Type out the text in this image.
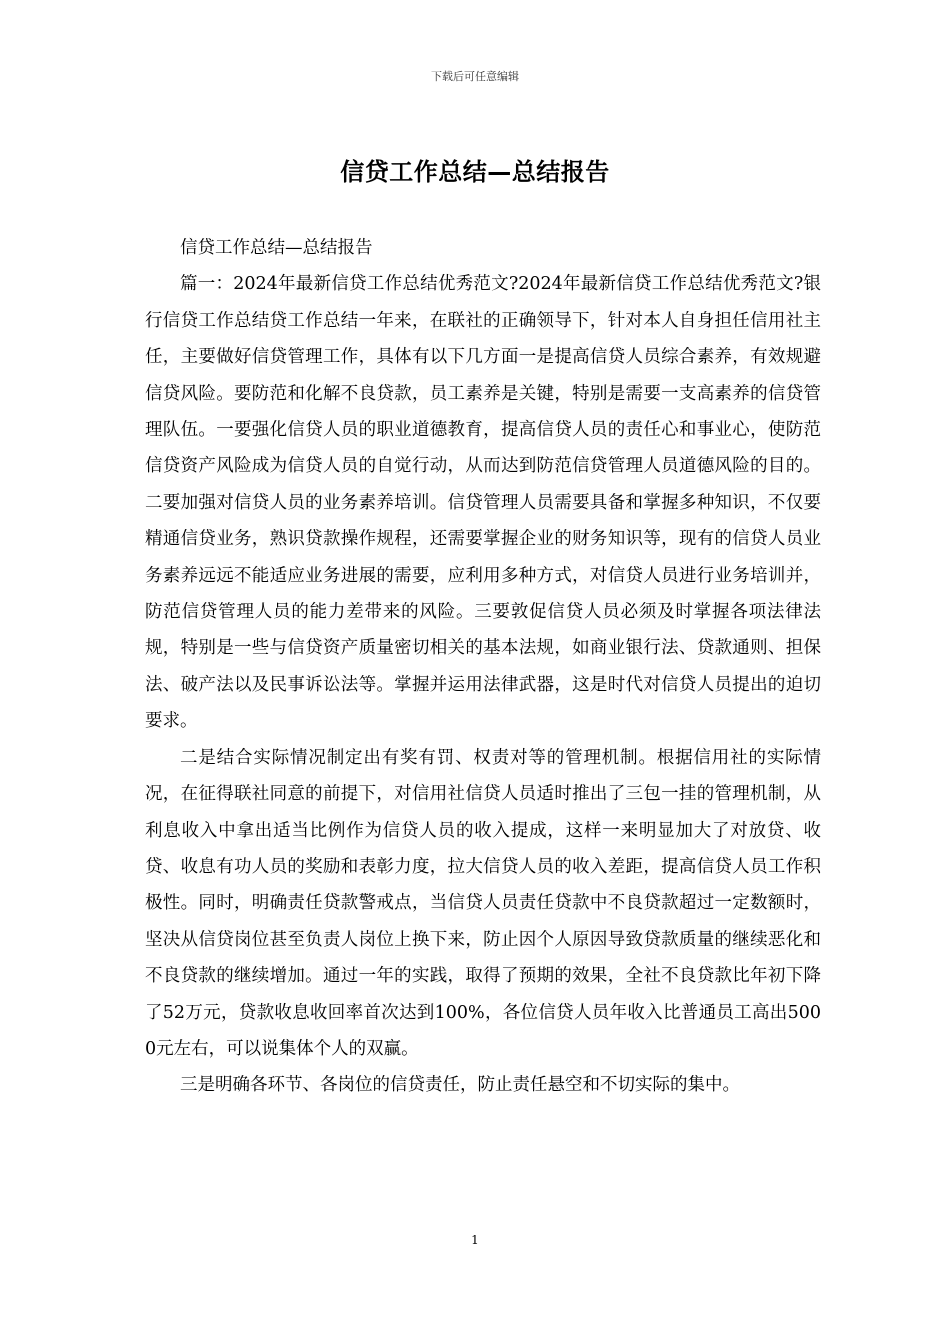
下载后可任意编辑
信贷工作总结—总结报告

信贷工作总结—总结报告

篇一：2024年最新信贷工作总结优秀范文?2024年最新信贷工作总结优秀范文?银行信贷工作总结贷工作总结一年来，在联社的正确领导下，针对本人自身担任信用社主任，主要做好信贷管理工作，具体有以下几方面一是提高信贷人员综合素养，有效规避信贷风险。要防范和化解不良贷款，员工素养是关键，特别是需要一支高素养的信贷管理队伍。一要强化信贷人员的职业道德教育，提高信贷人员的责任心和事业心，使防范信贷资产风险成为信贷人员的自觉行动，从而达到防范信贷管理人员道德风险的目的。二要加强对信贷人员的业务素养培训。信贷管理人员需要具备和掌握多种知识，不仅要精通信贷业务，熟识贷款操作规程，还需要掌握企业的财务知识等，现有的信贷人员业务素养远远不能适应业务进展的需要，应利用多种方式，对信贷人员进行业务培训并，防范信贷管理人员的能力差带来的风险。三要敦促信贷人员必须及时掌握各项法律法规，特别是一些与信贷资产质量密切相关的基本法规，如商业银行法、贷款通则、担保法、破产法以及民事诉讼法等。掌握并运用法律武器，这是时代对信贷人员提出的迫切要求。

二是结合实际情况制定出有奖有罚、权责对等的管理机制。根据信用社的实际情况，在征得联社同意的前提下，对信用社信贷人员适时推出了三包一挂的管理机制，从利息收入中拿出适当比例作为信贷人员的收入提成，这样一来明显加大了对放贷、收贷、收息有功人员的奖励和表彰力度，拉大信贷人员的收入差距，提高信贷人员工作积极性。同时，明确责任贷款警戒点，当信贷人员责任贷款中不良贷款超过一定数额时，坚决从信贷岗位甚至负责人岗位上换下来，防止因个人原因导致贷款质量的继续恶化和不良贷款的继续增加。通过一年的实践，取得了预期的效果，全社不良贷款比年初下降了52万元，贷款收息收回率首次达到100%，各位信贷人员年收入比普通员工高出5000元左右，可以说集体个人的双赢。

三是明确各环节、各岗位的信贷责任，防止责任悬空和不切实际的集中。

1
